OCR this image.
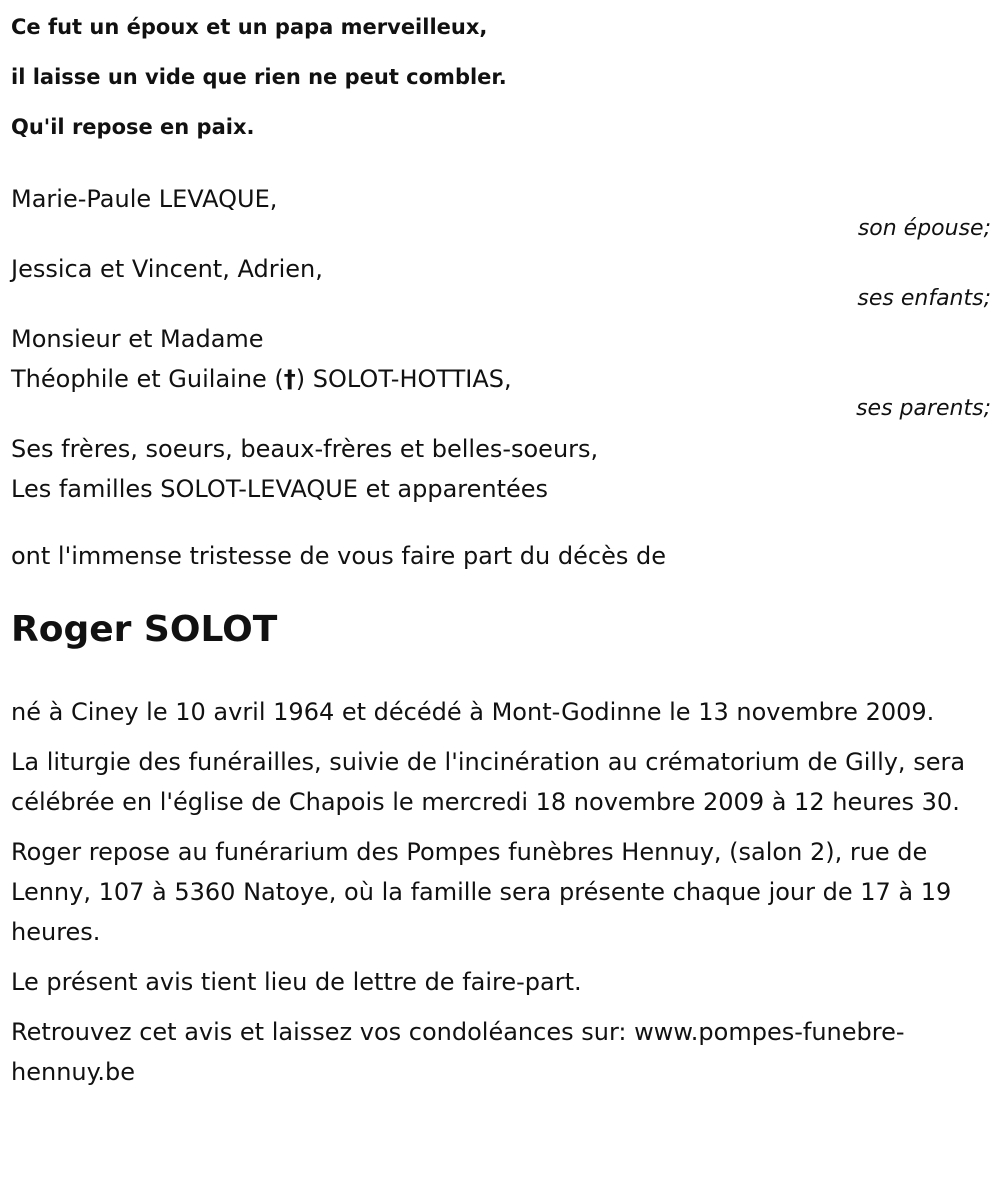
Ce fut un époux et un papa merveilleux,
il laisse un vide que rien ne peut combler.
Qu'il repose en paix.
Marie-Paule LEVAQUE,
son épouse;
Jessica et Vincent, Adrien,
ses enfants;
Monsieur et Madame
Théophile et Guilaine (†) SOLOT-HOTTIAS,
ses parents;
Ses frères, soeurs, beaux-frères et belles-soeurs,
Les familles SOLOT-LEVAQUE et apparentées
ont l'immense tristesse de vous faire part du décès de
Roger SOLOT
né à Ciney le 10 avril 1964 et décédé à Mont-Godinne le 13 novembre 2009.
La liturgie des funérailles, suivie de l'incinération au crématorium de Gilly, sera célébrée en l'église de Chapois le mercredi 18 novembre 2009 à 12 heures 30.
Roger repose au funérarium des Pompes funèbres Hennuy, (salon 2), rue de Lenny, 107 à 5360 Natoye, où la famille sera présente chaque jour de 17 à 19 heures.
Le présent avis tient lieu de lettre de faire-part.
Retrouvez cet avis et laissez vos condoléances sur: www.pompes-funebre-hennuy.be
